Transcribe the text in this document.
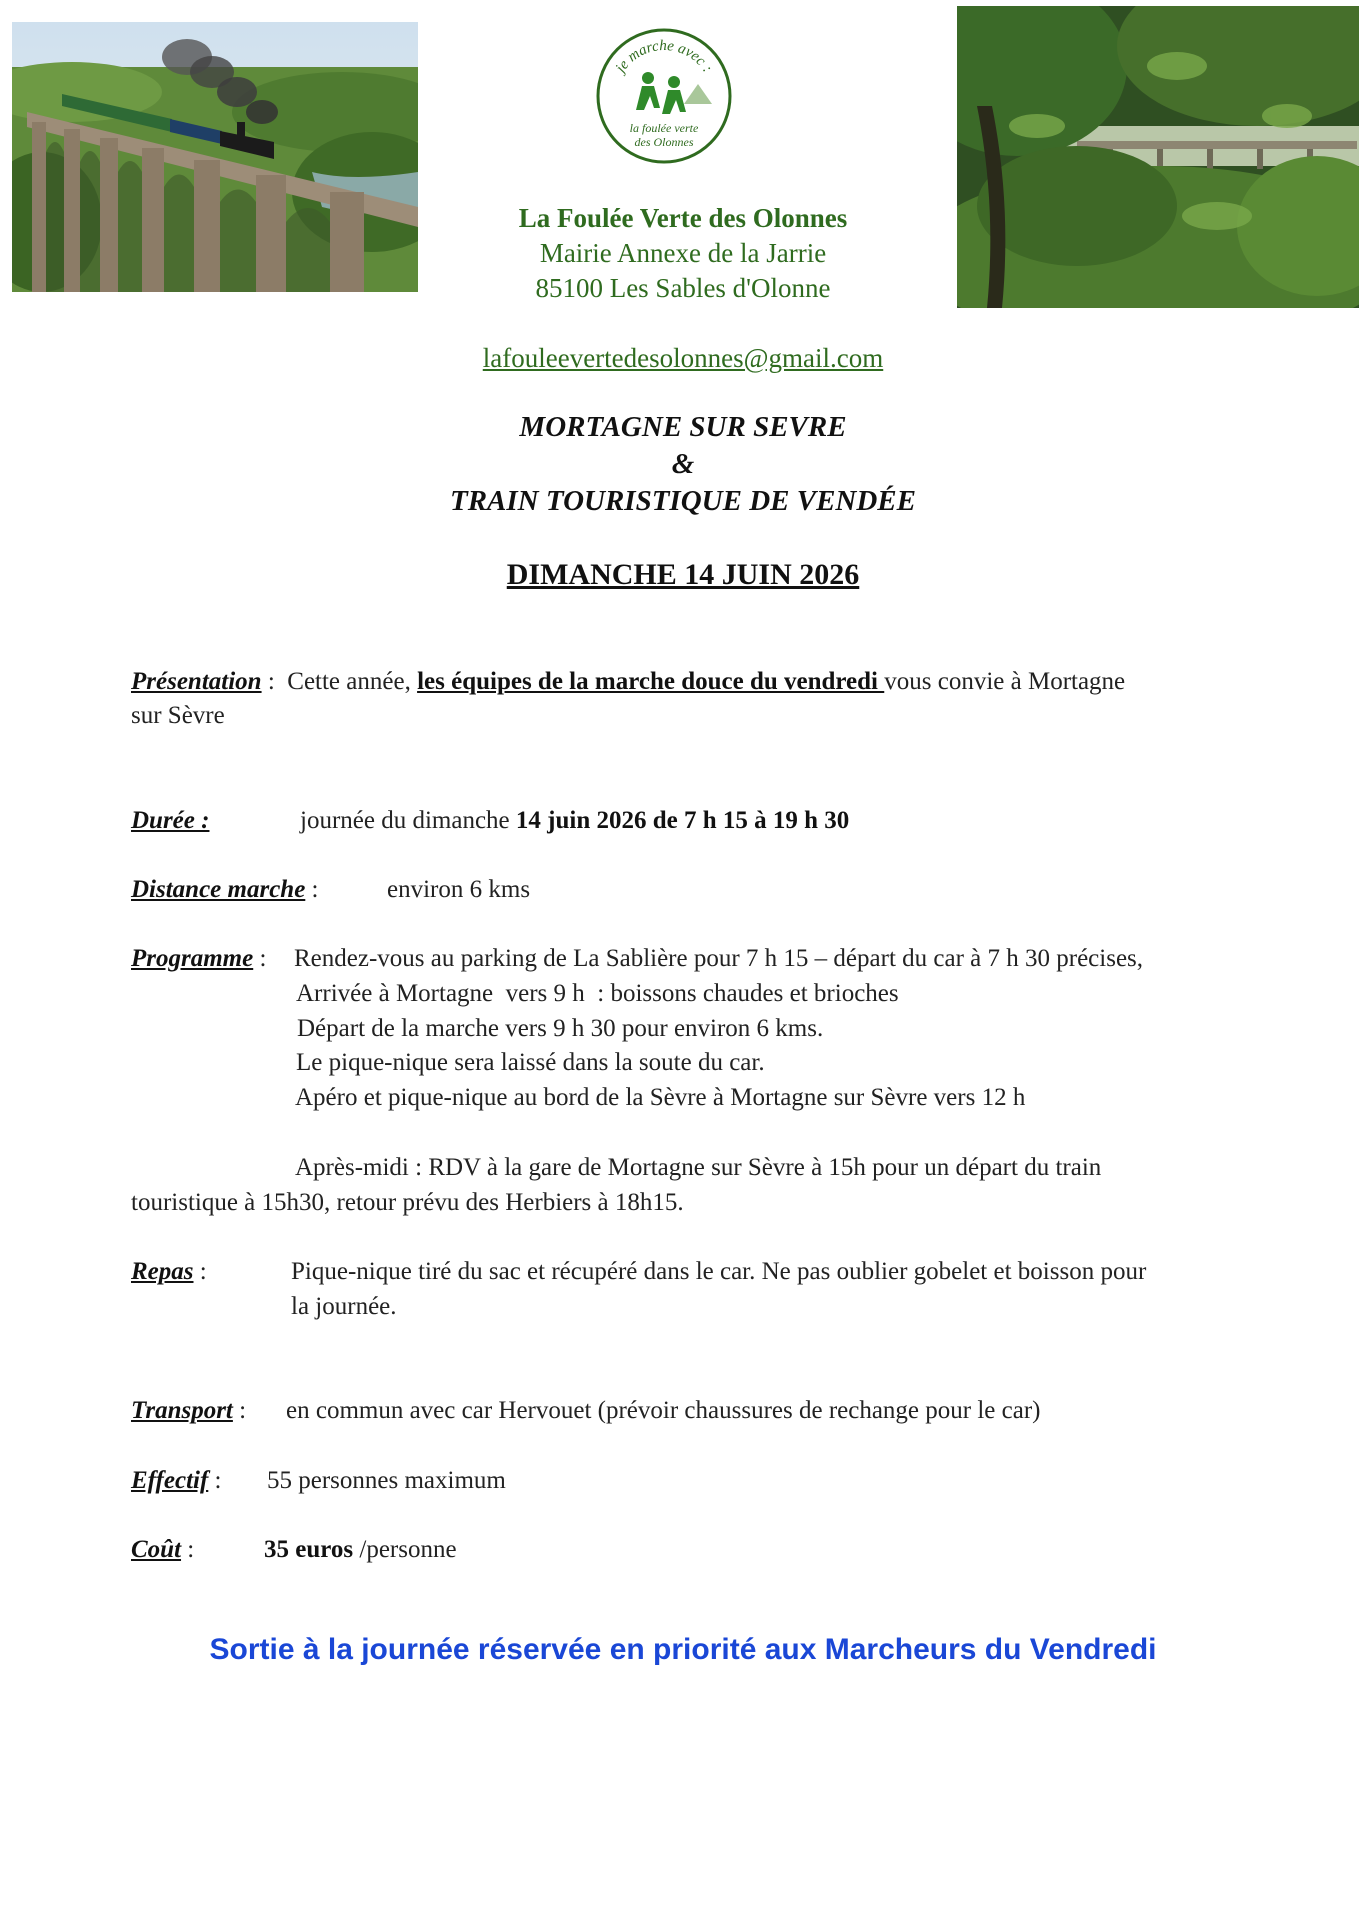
je marche avec :
la foulée verte
des Olonnes
La Foulée Verte des Olonnes
Mairie Annexe de la Jarrie
85100 Les Sables d'Olonne
lafouleevertedesolonnes@gmail.com
MORTAGNE SUR SEVRE
&
TRAIN TOURISTIQUE DE VENDÉE
DIMANCHE 14 JUIN 2026
Présentation :  Cette année, les équipes de la marche douce du vendredi vous convie à Mortagne
sur Sèvre
Durée :	journée du dimanche 14 juin 2026 de 7 h 15 à 19 h 30
Distance marche :	environ 6 kms
Programme : Rendez-vous au parking de La Sablière pour 7 h 15 – départ du car à 7 h 30 précises,
Arrivée à Mortagne  vers 9 h  : boissons chaudes et brioches
Départ de la marche vers 9 h 30 pour environ 6 kms.
Le pique-nique sera laissé dans la soute du car.
Apéro et pique-nique au bord de la Sèvre à Mortagne sur Sèvre vers 12 h
Après-midi : RDV à la gare de Mortagne sur Sèvre à 15h pour un départ du train
touristique à 15h30, retour prévu des Herbiers à 18h15.
Repas :	Pique-nique tiré du sac et récupéré dans le car. Ne pas oublier gobelet et boisson pour
la journée.
Transport : en commun avec car Hervouet (prévoir chaussures de rechange pour le car)
Effectif : 55 personnes maximum
Coût :	35 euros /personne
Sortie à la journée réservée en priorité aux Marcheurs du Vendredi
